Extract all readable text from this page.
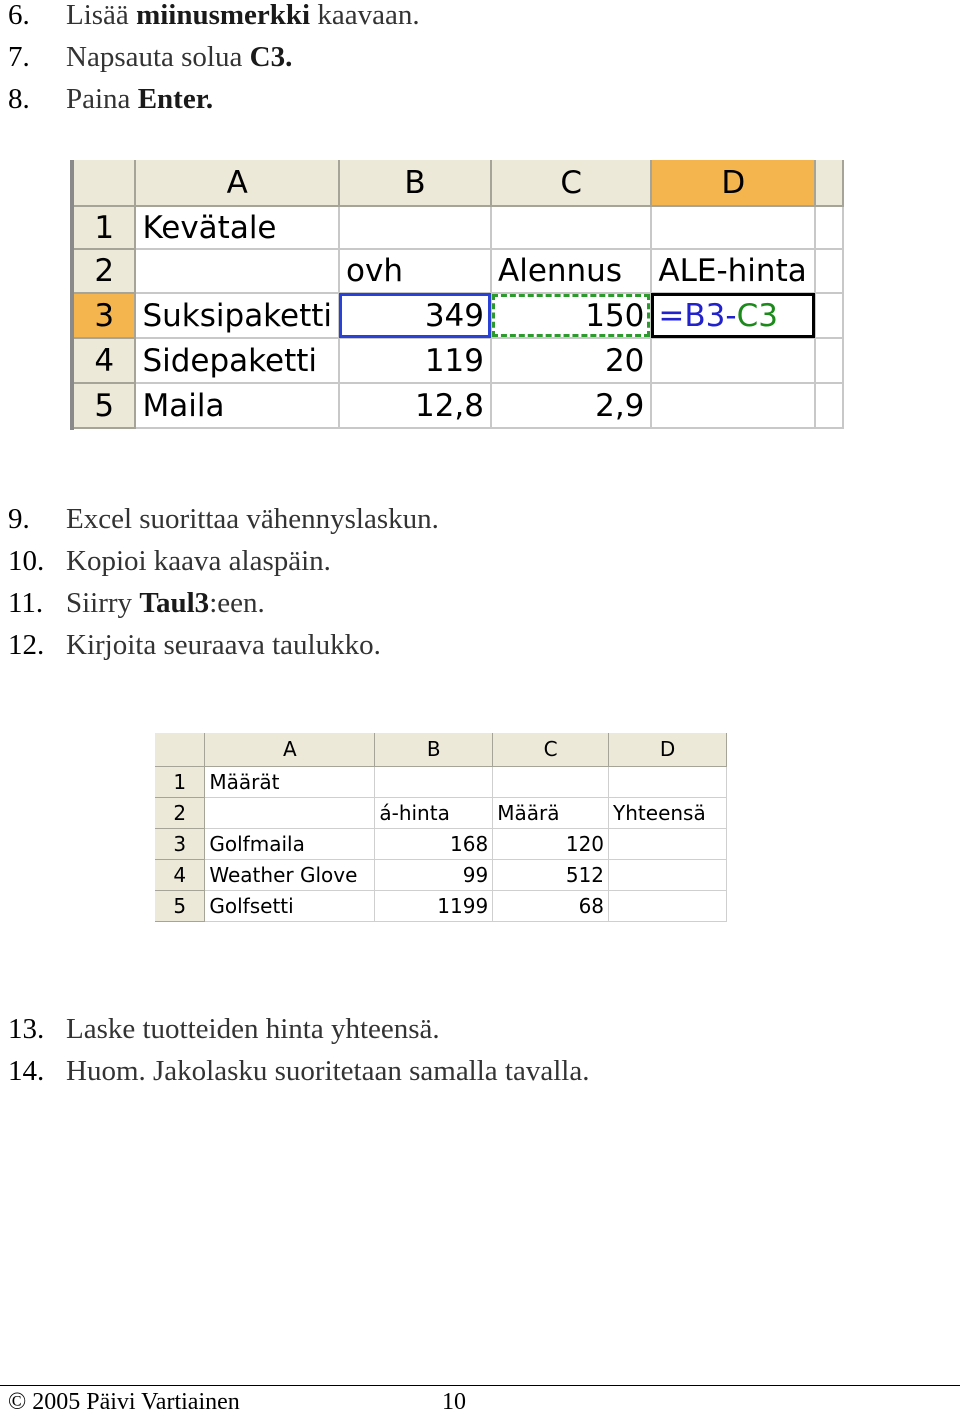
6. Lisää miinusmerkki kaavaan.
7. Napsauta solua C3.
8. Paina Enter.
	A	B	C	D	
1	Kevätale				
2		ovh	Alennus	ALE-hinta	
3	Suksipaketti	349	150	=B3-C3	
4	Sidepaketti	119	20		
5	Maila	12,8	2,9		
9. Excel suorittaa vähennyslaskun.
10. Kopioi kaava alaspäin.
11. Siirry Taul3:een.
12. Kirjoita seuraava taulukko.
	A	B	C	D
1	Määrät			
2		á-hinta	Määrä	Yhteensä
3	Golfmaila	168	120	
4	Weather Glove	99	512	
5	Golfsetti	1199	68	
13. Laske tuotteiden hinta yhteensä.
14. Huom. Jakolasku suoritetaan samalla tavalla.
© 2005 Päivi Vartiainen	10
